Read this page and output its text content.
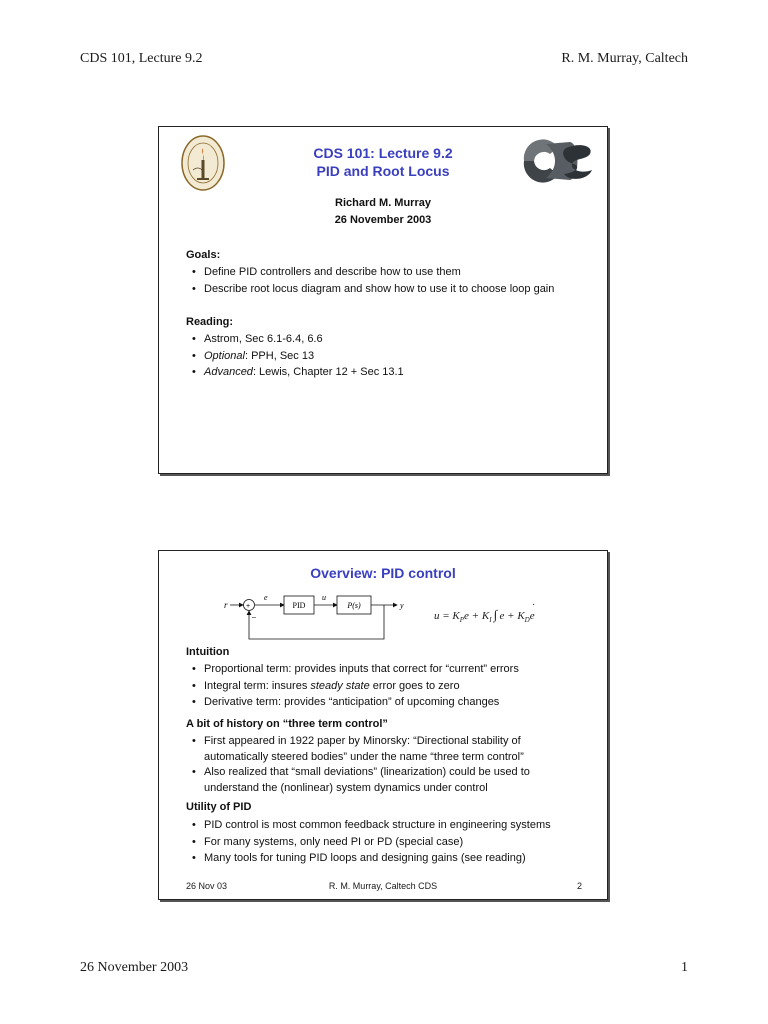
CDS 101, Lecture 9.2	R. M. Murray, Caltech
26 November 2003	1
CDS 101: Lecture 9.2
PID and Root Locus
Richard M. Murray
26 November 2003
Goals:
• Define PID controllers and describe how to use them
• Describe root locus diagram and show how to use it to choose loop gain
Reading:
• Astrom, Sec 6.1-6.4, 6.6
• Optional: PPH, Sec 13
• Advanced: Lewis, Chapter 12 + Sec 13.1
Overview: PID control
r	+
–
e
PID
u
P(s)	y
$u = K_Pe + K_I$  ∫ $e + K_De$
˙
Intuition
• Proportional term: provides inputs that correct for “current” errors
• Integral term: insures steady state error goes to zero
• Derivative term: provides “anticipation” of upcoming changes
A bit of history on “three term control”
• First appeared in 1922 paper by Minorsky: “Directional stability of
automatically steered bodies” under the name “three term control”
• Also realized that “small deviations” (linearization) could be used to
understand the (nonlinear) system dynamics under control
Utility of PID
• PID control is most common feedback structure in engineering systems
• For many systems, only need PI or PD (special case)
• Many tools for tuning PID loops and designing gains (see reading)
26 Nov 03	R. M. Murray, Caltech CDS	2
